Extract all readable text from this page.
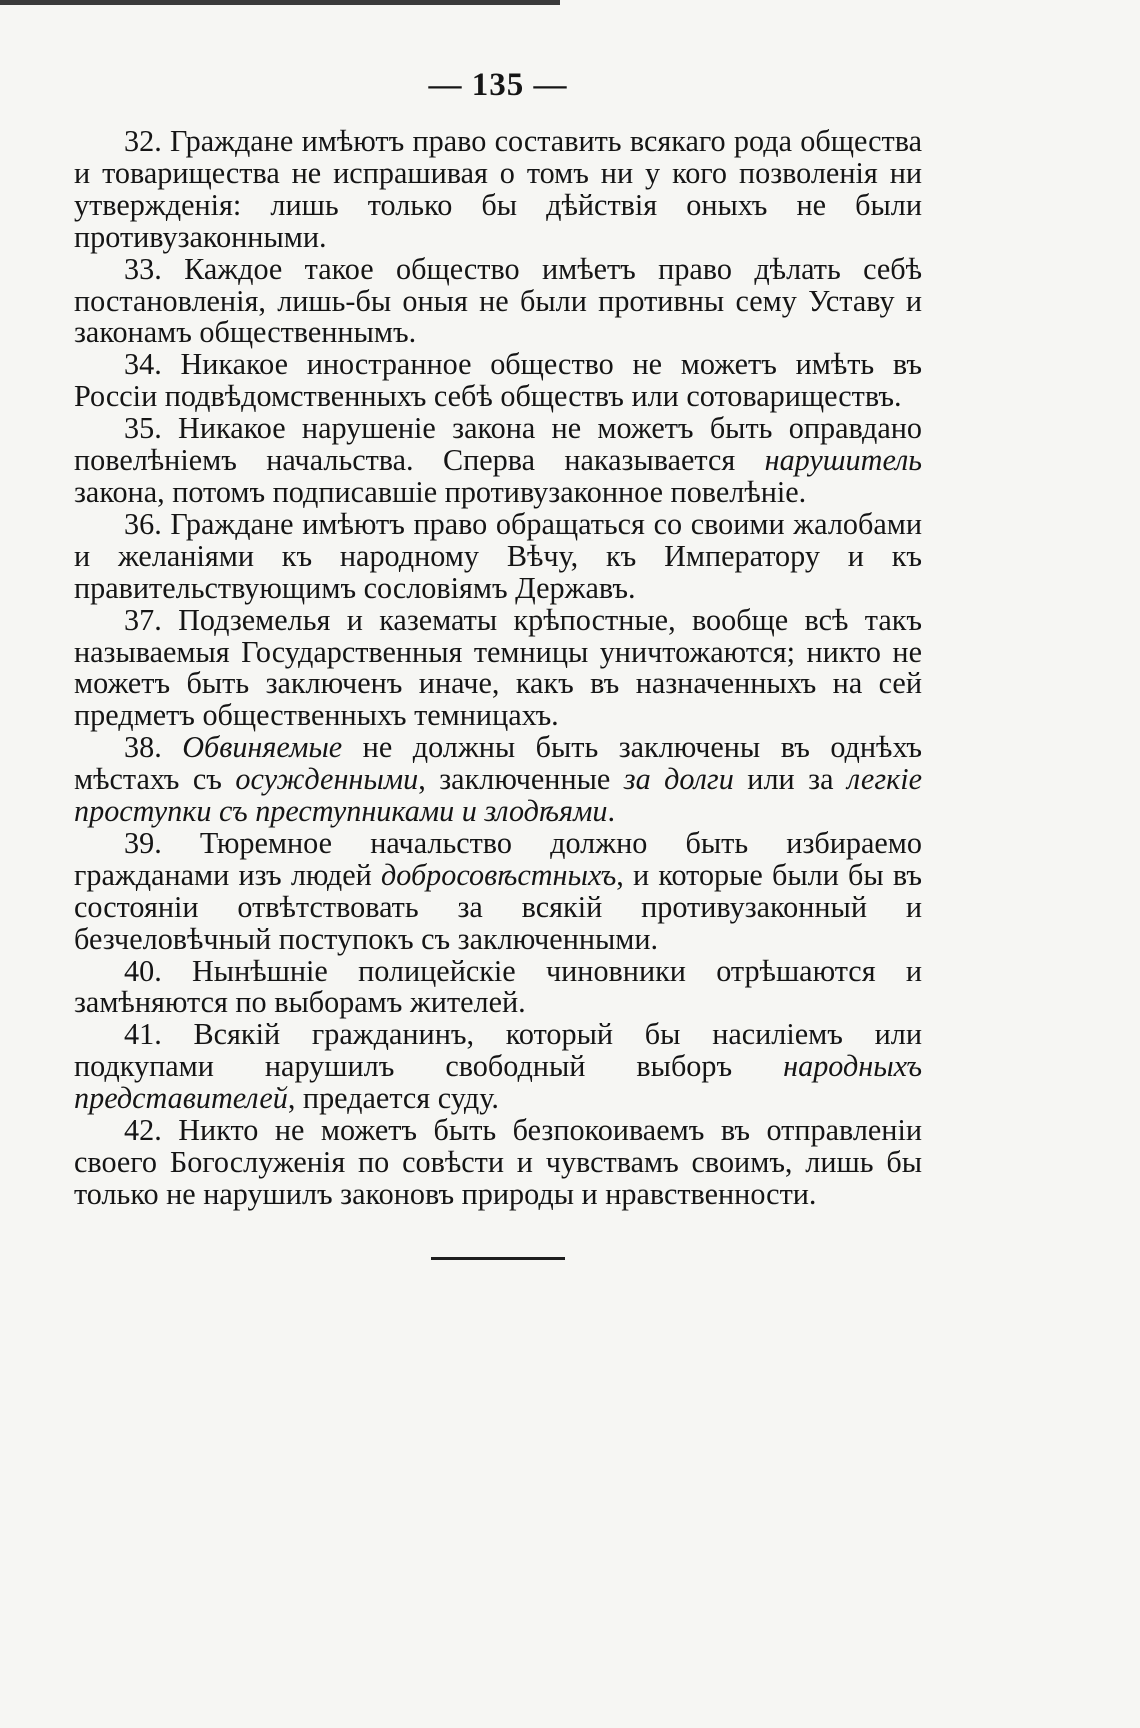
— 135 —

32. Граждане имѣютъ право составить всякаго рода общества и товарищества не испрашивая о томъ ни у кого позволенія ни утвержденія: лишь только бы дѣйствія оныхъ не были противузаконными.

33. Каждое такое общество имѣетъ право дѣлать себѣ постановленія, лишь-бы оныя не были противны сему Уставу и законамъ общественнымъ.

34. Никакое иностранное общество не можетъ имѣть въ Россіи подвѣдомственныхъ себѣ обществъ или сотовариществъ.

35. Никакое нарушеніе закона не можетъ быть оправдано повелѣніемъ начальства. Сперва наказывается нарушитель закона, потомъ подписавшіе противузаконное повелѣніе.

36. Граждане имѣютъ право обращаться со своими жалобами и желаніями къ народному Вѣчу, къ Императору и къ правительствующимъ сословіямъ Державъ.

37. Подземелья и казематы крѣпостные, вообще всѣ такъ называемыя Государственныя темницы уничтожаются; никто не можетъ быть заключенъ иначе, какъ въ назначенныхъ на сей предметъ общественныхъ темницахъ.

38. Обвиняемые не должны быть заключены въ однѣхъ мѣстахъ съ осужденными, заключенные за долги или за легкіе проступки съ преступниками и злодѣями.

39. Тюремное начальство должно быть избираемо гражданами изъ людей добросовѣстныхъ, и которые были бы въ состояніи отвѣтствовать за всякій противузаконный и безчеловѣчный поступокъ съ заключенными.

40. Нынѣшніе полицейскіе чиновники отрѣшаются и замѣняются по выборамъ жителей.

41. Всякій гражданинъ, который бы насиліемъ или подкупами нарушилъ свободный выборъ народныхъ представителей, предается суду.

42. Никто не можетъ быть безпокоиваемъ въ отправленіи своего Богослуженія по совѣсти и чувствамъ своимъ, лишь бы только не нарушилъ законовъ природы и нравственности.
